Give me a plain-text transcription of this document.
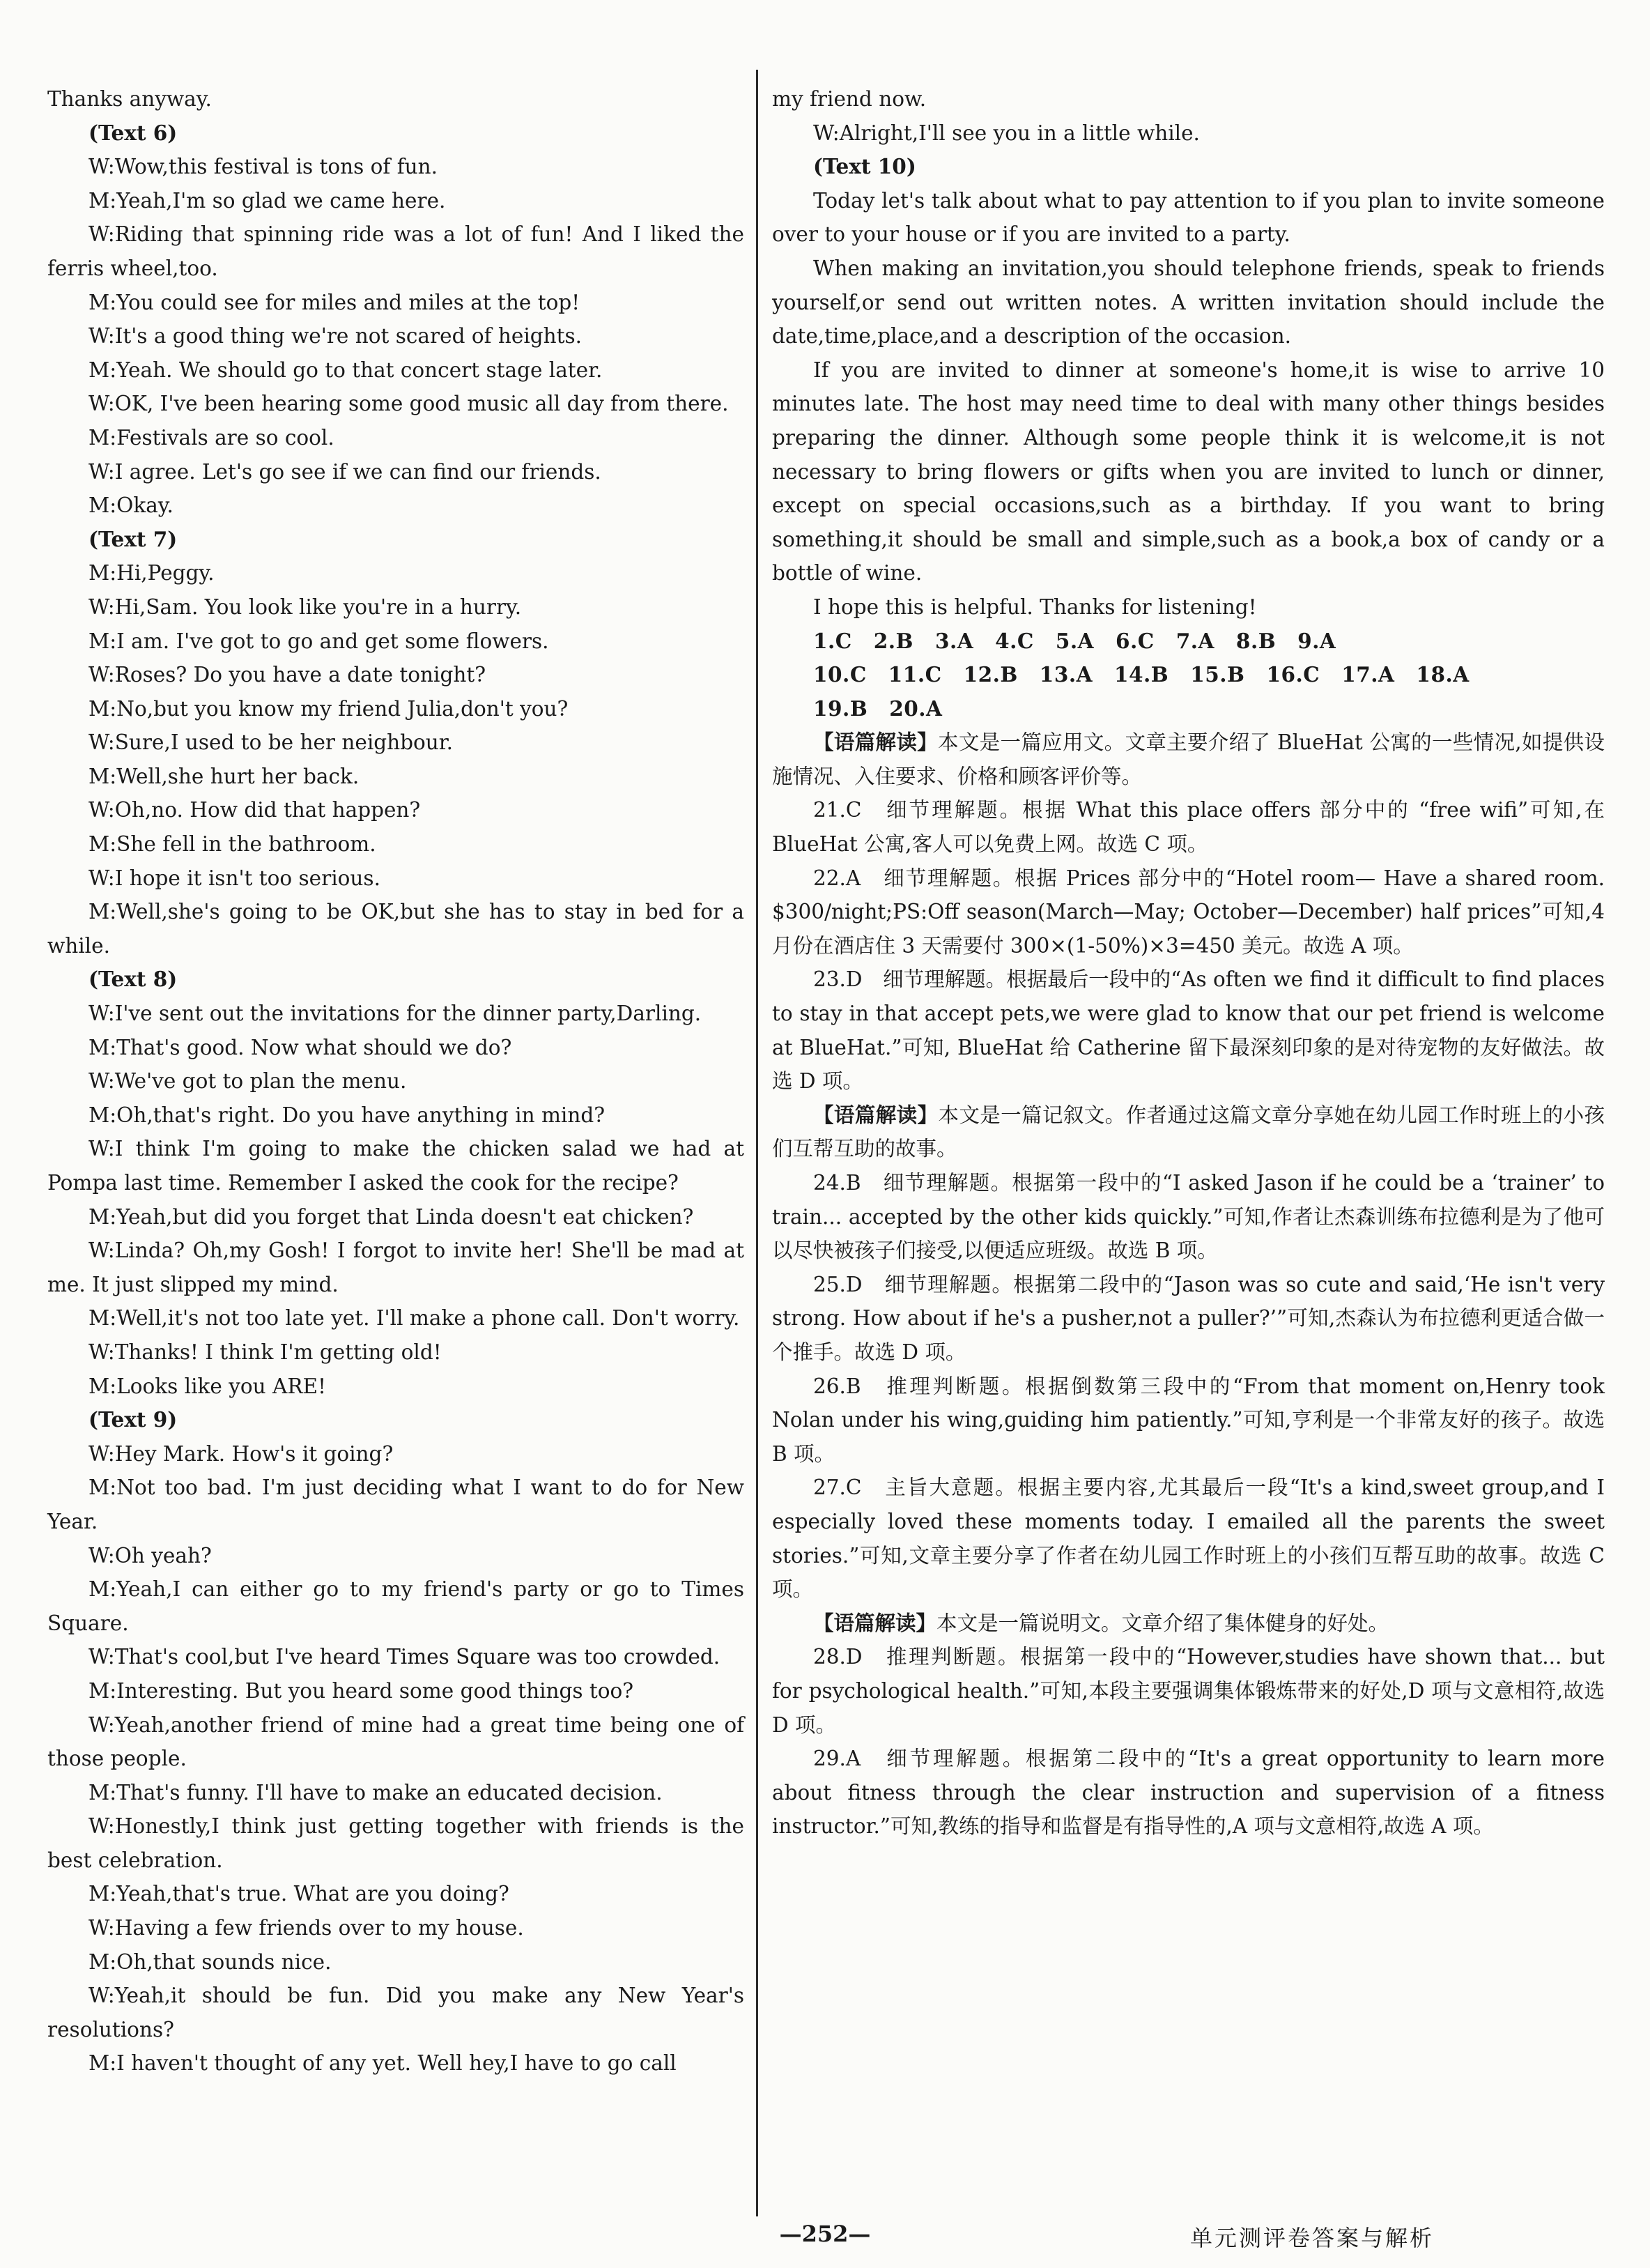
Thanks anyway.

(Text 6)

W:Wow,this festival is tons of fun.

M:Yeah,I'm so glad we came here.

W:Riding that spinning ride was a lot of fun! And I liked the ferris wheel,too.

M:You could see for miles and miles at the top!

W:It's a good thing we're not scared of heights.

M:Yeah. We should go to that concert stage later.

W:OK, I've been hearing some good music all day from there.

M:Festivals are so cool.

W:I agree. Let's go see if we can find our friends.

M:Okay.

(Text 7)

M:Hi,Peggy.

W:Hi,Sam. You look like you're in a hurry.

M:I am. I've got to go and get some flowers.

W:Roses? Do you have a date tonight?

M:No,but you know my friend Julia,don't you?

W:Sure,I used to be her neighbour.

M:Well,she hurt her back.

W:Oh,no. How did that happen?

M:She fell in the bathroom.

W:I hope it isn't too serious.

M:Well,she's going to be OK,but she has to stay in bed for a while.

(Text 8)

W:I've sent out the invitations for the dinner party,Darling.

M:That's good. Now what should we do?

W:We've got to plan the menu.

M:Oh,that's right. Do you have anything in mind?

W:I think I'm going to make the chicken salad we had at Pompa last time. Remember I asked the cook for the recipe?

M:Yeah,but did you forget that Linda doesn't eat chicken?

W:Linda? Oh,my Gosh! I forgot to invite her! She'll be mad at me. It just slipped my mind.

M:Well,it's not too late yet. I'll make a phone call. Don't worry.

W:Thanks! I think I'm getting old!

M:Looks like you ARE!

(Text 9)

W:Hey Mark. How's it going?

M:Not too bad. I'm just deciding what I want to do for New Year.

W:Oh yeah?

M:Yeah,I can either go to my friend's party or go to Times Square.

W:That's cool,but I've heard Times Square was too crowded.

M:Interesting. But you heard some good things too?

W:Yeah,another friend of mine had a great time being one of those people.

M:That's funny. I'll have to make an educated decision.

W:Honestly,I think just getting together with friends is the best celebration.

M:Yeah,that's true. What are you doing?

W:Having a few friends over to my house.

M:Oh,that sounds nice.

W:Yeah,it should be fun. Did you make any New Year's resolutions?

M:I haven't thought of any yet. Well hey,I have to go call

my friend now.

W:Alright,I'll see you in a little while.

(Text 10)

Today let's talk about what to pay attention to if you plan to invite someone over to your house or if you are invited to a party.

When making an invitation,you should telephone friends, speak to friends yourself,or send out written notes. A written invitation should include the date,time,place,and a description of the occasion.

If you are invited to dinner at someone's home,it is wise to arrive 10 minutes late. The host may need time to deal with many other things besides preparing the dinner. Although some people think it is welcome,it is not necessary to bring flowers or gifts when you are invited to lunch or dinner, except on special occasions,such as a birthday. If you want to bring something,it should be small and simple,such as a book,a box of candy or a bottle of wine.

I hope this is helpful. Thanks for listening!

1.C 2.B 3.A 4.C 5.A 6.C 7.A 8.B 9.A

10.C 11.C 12.B 13.A 14.B 15.B 16.C 17.A 18.A

19.B 20.A

【语篇解读】本文是一篇应用文。文章主要介绍了 BlueHat 公寓的一些情况,如提供设施情况、入住要求、价格和顾客评价等。

21.C　细节理解题。根据 What this place offers 部分中的 “free wifi”可知,在 BlueHat 公寓,客人可以免费上网。故选 C 项。

22.A　细节理解题。根据 Prices 部分中的“Hotel room— Have a shared room. $300/night;PS:Off season(March—May; October—December) half prices”可知,4 月份在酒店住 3 天需要付 300×(1-50%)×3=450 美元。故选 A 项。

23.D　细节理解题。根据最后一段中的“As often we find it difficult to find places to stay in that accept pets,we were glad to know that our pet friend is welcome at BlueHat.”可知, BlueHat 给 Catherine 留下最深刻印象的是对待宠物的友好做法。故选 D 项。

【语篇解读】本文是一篇记叙文。作者通过这篇文章分享她在幼儿园工作时班上的小孩们互帮互助的故事。

24.B　细节理解题。根据第一段中的“I asked Jason if he could be a ‘trainer’ to train... accepted by the other kids quickly.”可知,作者让杰森训练布拉德利是为了他可以尽快被孩子们接受,以便适应班级。故选 B 项。

25.D　细节理解题。根据第二段中的“Jason was so cute and said,‘He isn't very strong. How about if he's a pusher,not a puller?’”可知,杰森认为布拉德利更适合做一个推手。故选 D 项。

26.B　推理判断题。根据倒数第三段中的“From that moment on,Henry took Nolan under his wing,guiding him patiently.”可知,亨利是一个非常友好的孩子。故选 B 项。

27.C　主旨大意题。根据主要内容,尤其最后一段“It's a kind,sweet group,and I especially loved these moments today. I emailed all the parents the sweet stories.”可知,文章主要分享了作者在幼儿园工作时班上的小孩们互帮互助的故事。故选 C 项。

【语篇解读】本文是一篇说明文。文章介绍了集体健身的好处。

28.D　推理判断题。根据第一段中的“However,studies have shown that... but for psychological health.”可知,本段主要强调集体锻炼带来的好处,D 项与文意相符,故选 D 项。

29.A　细节理解题。根据第二段中的“It's a great opportunity to learn more about fitness through the clear instruction and supervision of a fitness instructor.”可知,教练的指导和监督是有指导性的,A 项与文意相符,故选 A 项。

—252—	单元测评卷答案与解析
